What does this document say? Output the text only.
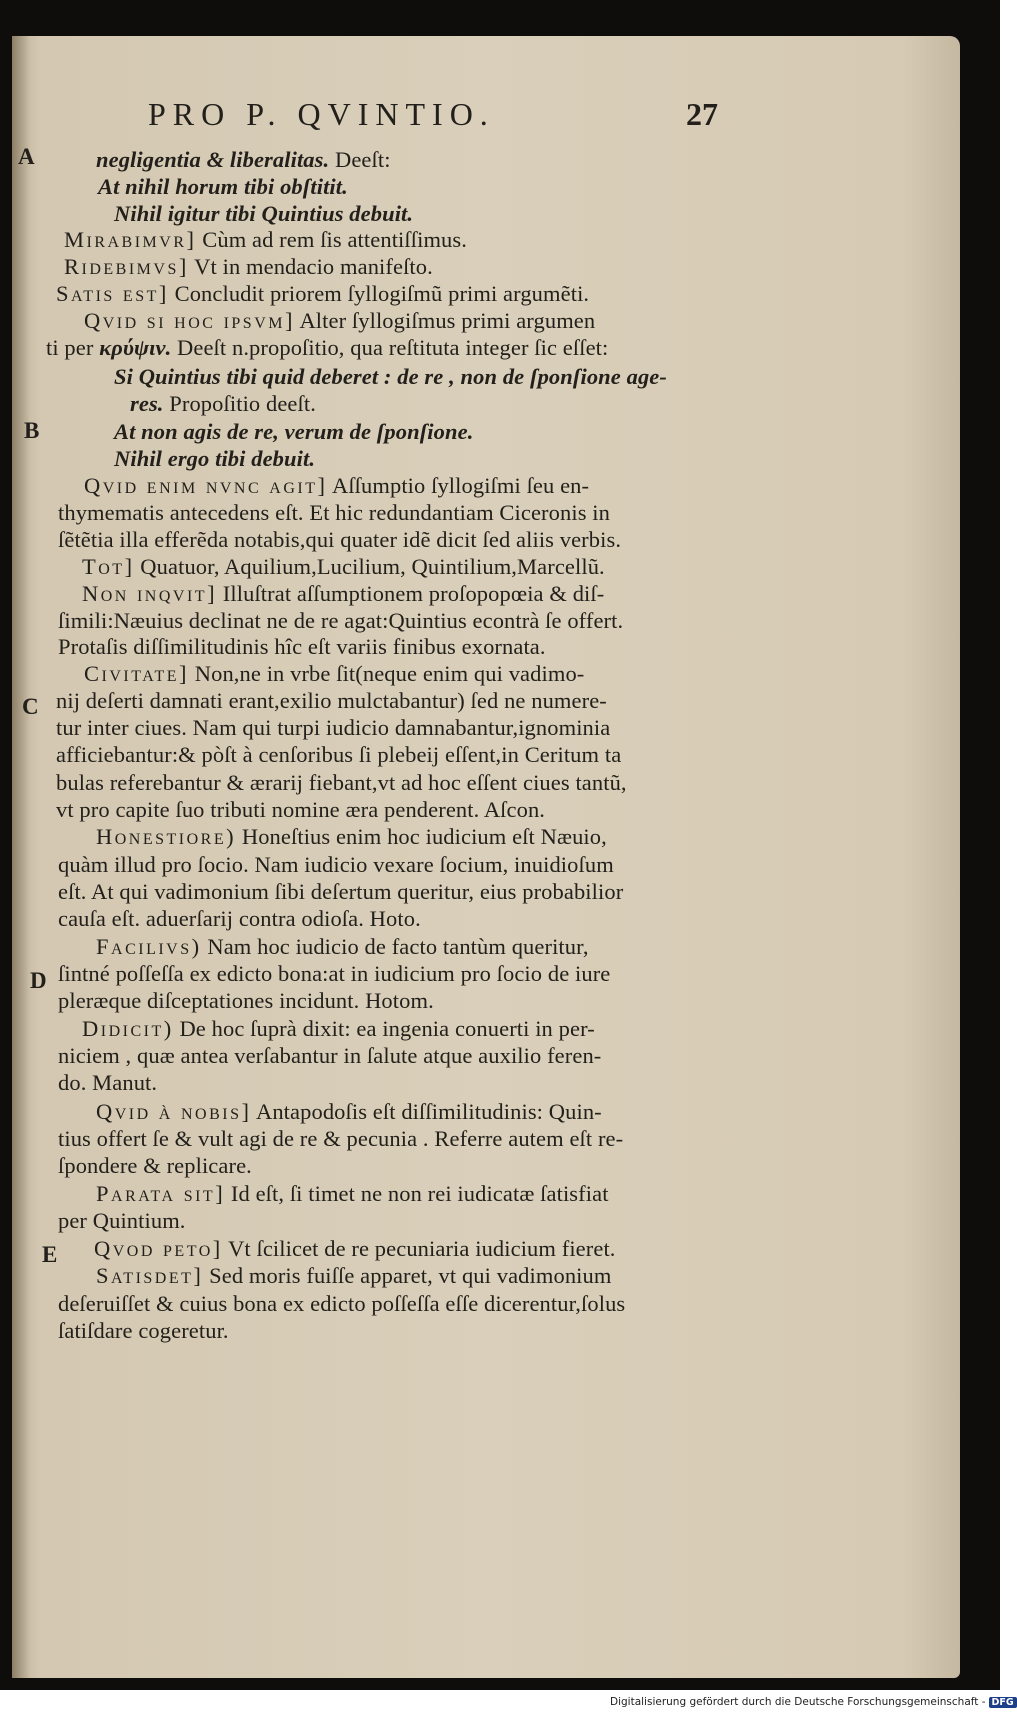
PRO P. QVINTIO.	27
A
B
C
D
E
negligentia & liberalitas. Deeſt:
At nihil horum tibi obſtitit.
Nihil igitur tibi Quintius debuit.
Mirabimvr] Cùm ad rem ſis attentiſſimus.
Ridebimvs] Vt in mendacio manifeſto.
Satis est] Concludit priorem ſyllogiſmũ primi argumẽti.
Qvid si hoc ipsvm] Alter ſyllogiſmus primi argumen
ti per κρύψιν. Deeſt n.propoſitio, qua reſtituta integer ſic eſſet:
Si Quintius tibi quid deberet : de re , non de ſponſione age-
res. Propoſitio deeſt.
At non agis de re, verum de ſponſione.
Nihil ergo tibi debuit.
Qvid enim nvnc agit] Aſſumptio ſyllogiſmi ſeu en-
thymematis antecedens eſt. Et hic redundantiam Ciceronis in
ſẽtẽtia illa efferẽda notabis,qui quater idẽ dicit ſed aliis verbis.
Tot] Quatuor, Aquilium,Lucilium, Quintilium,Marcellũ.
Non inqvit] Illuſtrat aſſumptionem proſopopœia & diſ-
ſimili:Næuius declinat ne de re agat:Quintius econtrà ſe offert.
Protaſis diſſimilitudinis hîc eſt variis finibus exornata.
Civitate] Non,ne in vrbe ſit(neque enim qui vadimo-
nij deſerti damnati erant,exilio mulctabantur) ſed ne numere-
tur inter ciues. Nam qui turpi iudicio damnabantur,ignominia
afficiebantur:& pòſt à cenſoribus ſi plebeij eſſent,in Ceritum ta
bulas referebantur & ærarij fiebant,vt ad hoc eſſent ciues tantũ,
vt pro capite ſuo tributi nomine æra penderent. Aſcon.
Honestiore) Honeſtius enim hoc iudicium eſt Næuio,
quàm illud pro ſocio. Nam iudicio vexare ſocium, inuidioſum
eſt. At qui vadimonium ſibi deſertum queritur, eius probabilior
cauſa eſt. aduerſarij contra odioſa. Hoto.
Facilivs) Nam hoc iudicio de facto tantùm queritur,
ſintné poſſeſſa ex edicto bona:at in iudicium pro ſocio de iure
pleræque diſceptationes incidunt. Hotom.
Didicit) De hoc ſuprà dixit: ea ingenia conuerti in per-
niciem , quæ antea verſabantur in ſalute atque auxilio feren-
do. Manut.
Qvid à nobis] Antapodoſis eſt diſſimilitudinis: Quin-
tius offert ſe & vult agi de re & pecunia . Referre autem eſt re-
ſpondere & replicare.
Parata sit] Id eſt, ſi timet ne non rei iudicatæ ſatisfiat
per Quintium.
Qvod peto] Vt ſcilicet de re pecuniaria iudicium fieret.
Satisdet] Sed moris fuiſſe apparet, vt qui vadimonium
deſeruiſſet & cuius bona ex edicto poſſeſſa eſſe dicerentur,ſolus
ſatiſdare cogeretur.
Digitalisierung gefördert durch die Deutsche Forschungsgemeinschaft - DFG
